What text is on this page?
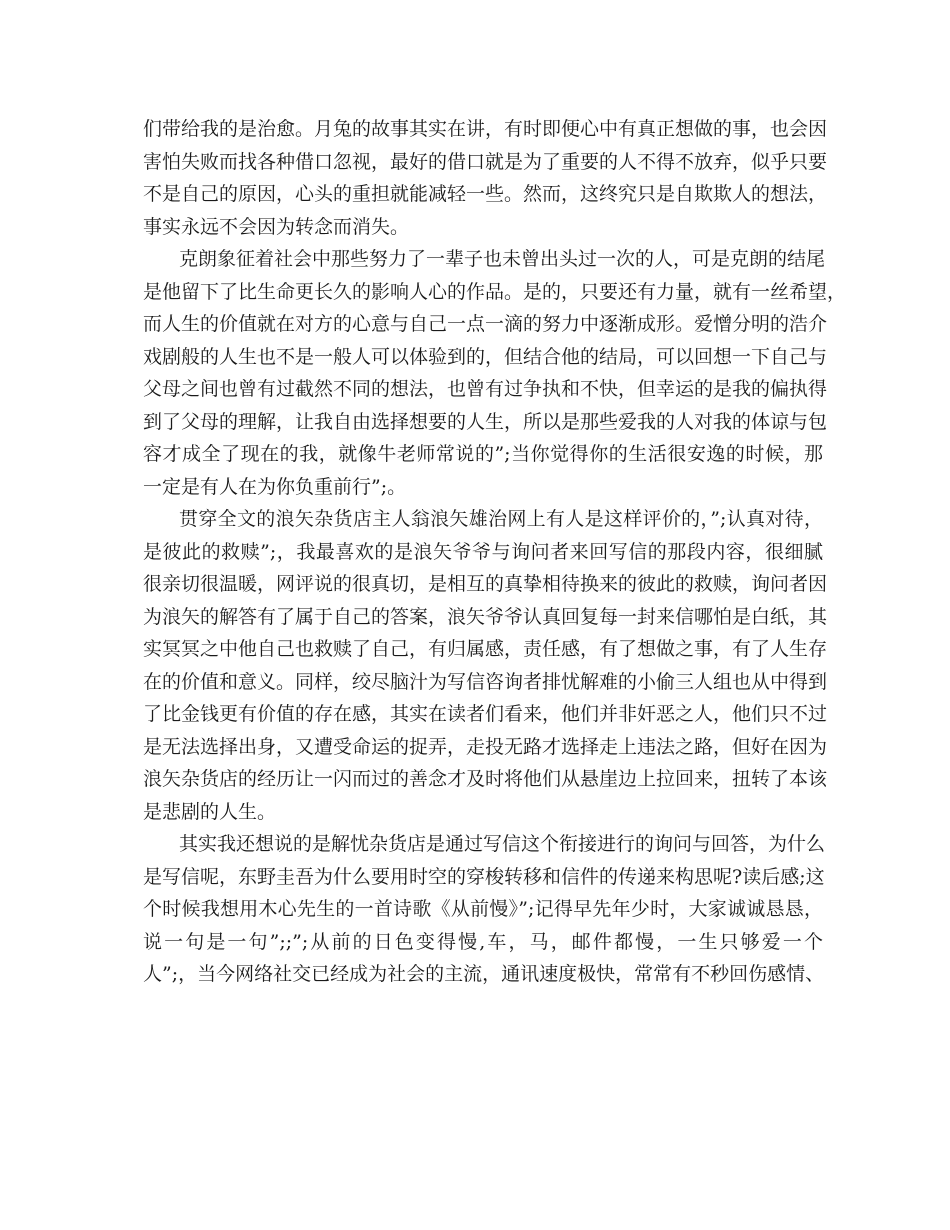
们带给我的是治愈。月兔的故事其实在讲，有时即便心中有真正想做的事，也会因
害怕失败而找各种借口忽视，最好的借口就是为了重要的人不得不放弃，似乎只要
不是自己的原因，心头的重担就能减轻一些。然而，这终究只是自欺欺人的想法，
事实永远不会因为转念而消失。
克朗象征着社会中那些努力了一辈子也未曾出头过一次的人，可是克朗的结尾
是他留下了比生命更长久的影响人心的作品。是的，只要还有力量，就有一丝希望，
而人生的价值就在对方的心意与自己一点一滴的努力中逐渐成形。爱憎分明的浩介
戏剧般的人生也不是一般人可以体验到的，但结合他的结局，可以回想一下自己与
父母之间也曾有过截然不同的想法，也曾有过争执和不快，但幸运的是我的偏执得
到了父母的理解，让我自由选择想要的人生，所以是那些爱我的人对我的体谅与包
容才成全了现在的我，就像牛老师常说的”;当你觉得你的生活很安逸的时候，那
一定是有人在为你负重前行”;。
贯穿全文的浪矢杂货店主人翁浪矢雄治网上有人是这样评价的，”;认真对待，
是彼此的救赎”;，我最喜欢的是浪矢爷爷与询问者来回写信的那段内容，很细腻
很亲切很温暖，网评说的很真切，是相互的真挚相待换来的彼此的救赎，询问者因
为浪矢的解答有了属于自己的答案，浪矢爷爷认真回复每一封来信哪怕是白纸，其
实冥冥之中他自己也救赎了自己，有归属感，责任感，有了想做之事，有了人生存
在的价值和意义。同样，绞尽脑汁为写信咨询者排忧解难的小偷三人组也从中得到
了比金钱更有价值的存在感，其实在读者们看来，他们并非奸恶之人，他们只不过
是无法选择出身，又遭受命运的捉弄，走投无路才选择走上违法之路，但好在因为
浪矢杂货店的经历让一闪而过的善念才及时将他们从悬崖边上拉回来，扭转了本该
是悲剧的人生。
其实我还想说的是解忧杂货店是通过写信这个衔接进行的询问与回答，为什么
是写信呢，东野圭吾为什么要用时空的穿梭转移和信件的传递来构思呢?读后感;这
个时候我想用木心先生的一首诗歌《从前慢》”;记得早先年少时，大家诚诚恳恳，
说一句是一句”;;”;从前的日色变得慢,车，马，邮件都慢，一生只够爱一个
人”;，当今网络社交已经成为社会的主流，通讯速度极快，常常有不秒回伤感情、
